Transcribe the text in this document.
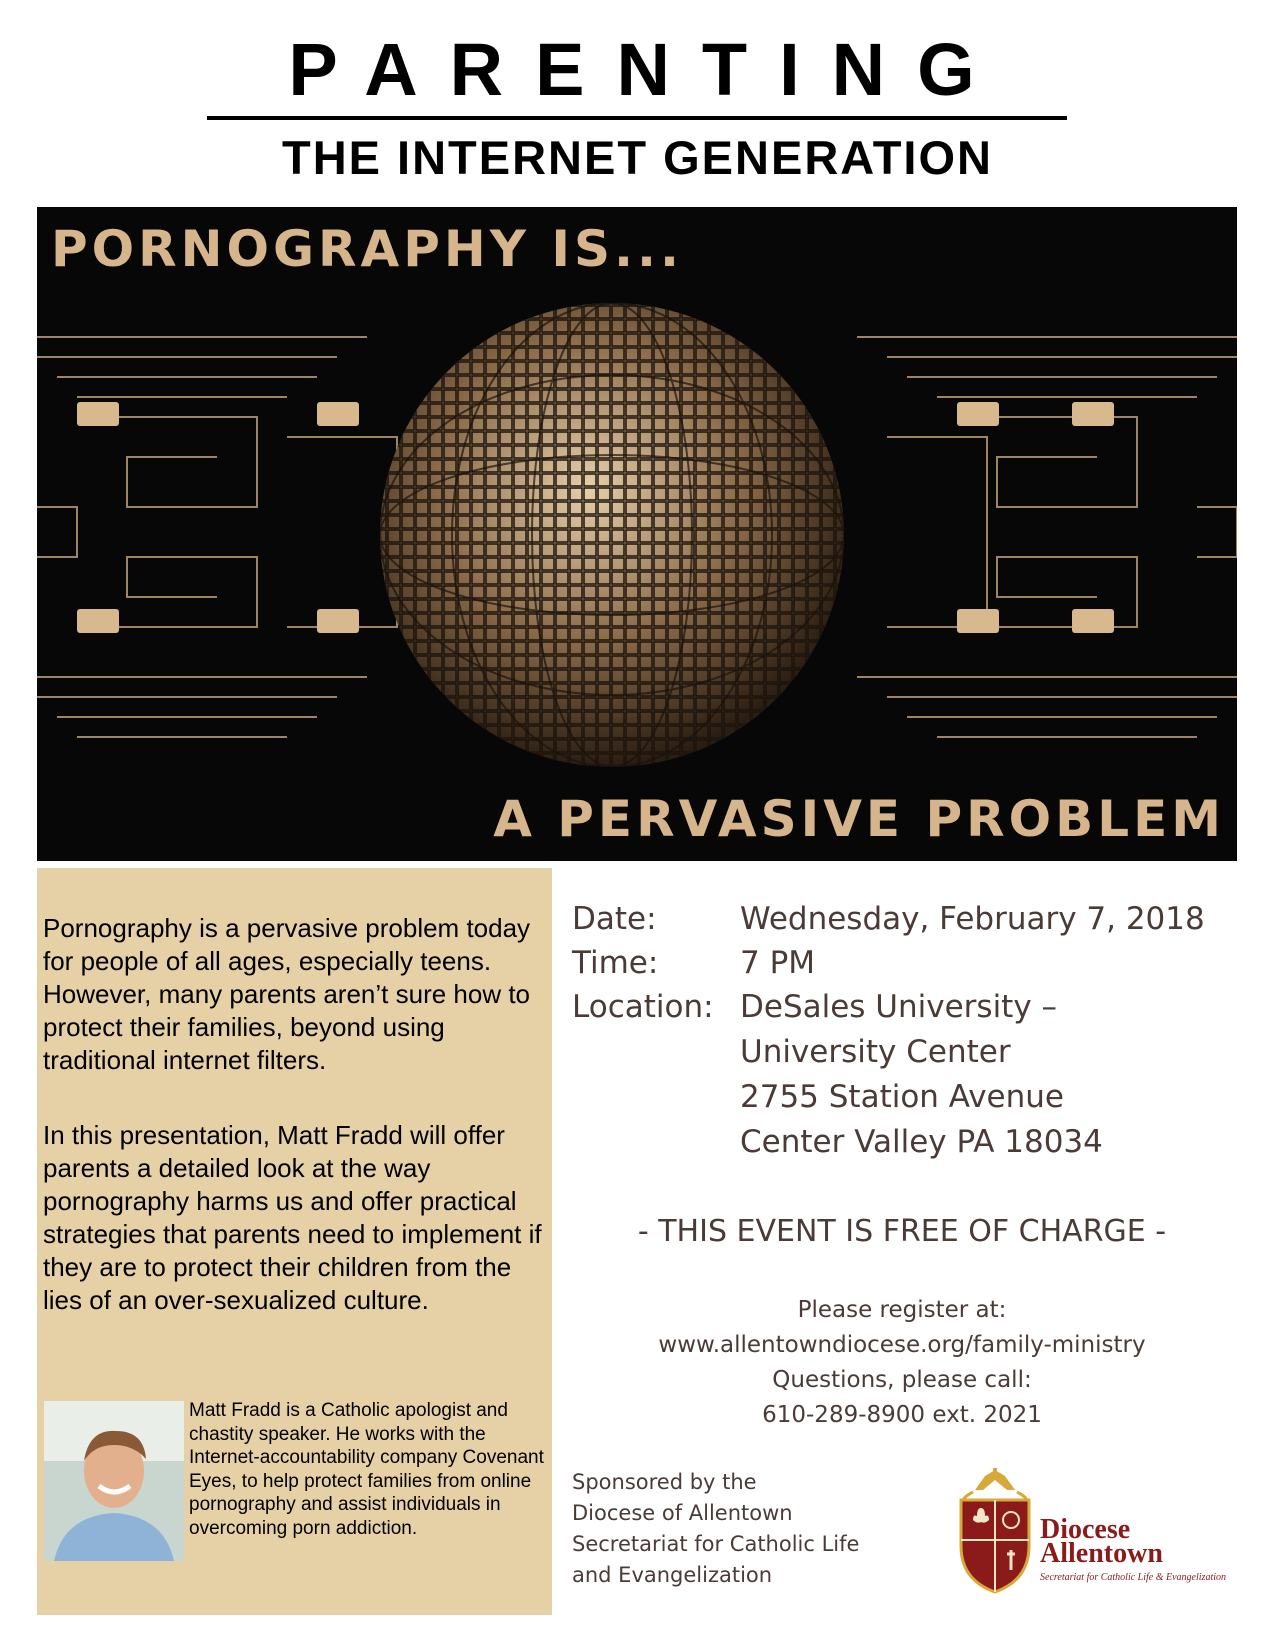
PARENTING
THE INTERNET GENERATION
PORNOGRAPHY IS...
A PERVASIVE PROBLEM

Pornography is a pervasive problem today for people of all ages, especially teens. However, many parents aren’t sure how to protect their families, beyond using traditional internet filters.

In this presentation, Matt Fradd will offer parents a detailed look at the way pornography harms us and offer practical strategies that parents need to implement if they are to protect their children from the lies of an over-sexualized culture.

Matt Fradd is a Catholic apologist and chastity speaker. He works with the Internet-accountability company Covenant Eyes, to help protect families from online pornography and assist individuals in overcoming porn addiction.

Date:	Wednesday, February 7, 2018
Time:	7 PM
Location: DeSales University –
University Center
2755 Station Avenue
Center Valley PA 18034
- THIS EVENT IS FREE OF CHARGE -
Please register at:
www.allentowndiocese.org/family-ministry
Questions, please call:
610-289-8900 ext. 2021
Sponsored by the
Diocese of Allentown
Secretariat for Catholic Life
and Evangelization
Diocese
Allentown
Secretariat for Catholic Life & Evangelization
